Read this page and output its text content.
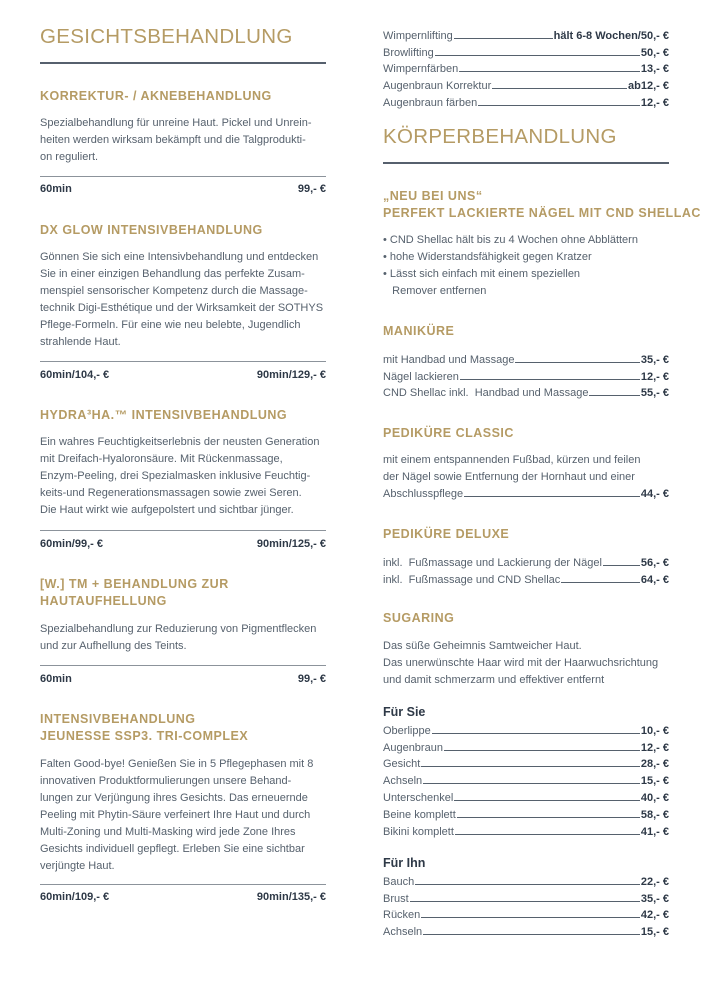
GESICHTSBEHANDLUNG
KORREKTUR- / AKNEBEHANDLUNG
Spezialbehandlung für unreine Haut. Pickel und Unrein-
heiten werden wirksam bekämpft und die Talgprodukti-
on reguliert.
60min	99,- €
DX GLOW INTENSIVBEHANDLUNG
Gönnen Sie sich eine Intensivbehandlung und entdecken
Sie in einer einzigen Behandlung das perfekte Zusam-
menspiel sensorischer Kompetenz durch die Massage-
technik Digi-Esthétique und der Wirksamkeit der SOTHYS
Pflege-Formeln. Für eine wie neu belebte, Jugendlich
strahlende Haut.
60min/104,- €	90min/129,- €
HYDRA³HA.™ INTENSIVBEHANDLUNG
Ein wahres Feuchtigkeitserlebnis der neusten Generation
mit Dreifach-Hyaloronsäure. Mit Rückenmassage,
Enzym-Peeling, drei Spezialmasken inklusive Feuchtig-
keits-und Regenerationsmassagen sowie zwei Seren.
Die Haut wirkt wie aufgepolstert und sichtbar jünger.
60min/99,- €	90min/125,- €
[W.] TM + BEHANDLUNG ZUR
HAUTAUFHELLUNG
Spezialbehandlung zur Reduzierung von Pigmentflecken
und zur Aufhellung des Teints.
60min	99,- €
INTENSIVBEHANDLUNG
JEUNESSE SSP3. TRI-COMPLEX
Falten Good-bye! Genießen Sie in 5 Pflegephasen mit 8
innovativen Produktformulierungen unsere Behand-
lungen zur Verjüngung ihres Gesichts. Das erneuernde
Peeling mit Phytin-Säure verfeinert Ihre Haut und durch
Multi-Zoning und Multi-Masking wird jede Zone Ihres
Gesichts individuell gepflegt. Erleben Sie eine sichtbar
verjüngte Haut.
60min/109,- €	90min/135,- €
Wimpernlifting	hält 6-8 Wochen/ 50,- €
Browlifting	50,- €
Wimpernfärben	13,- €
Augenbraun Korrektur	ab 12,- €
Augenbraun färben	12,- €
KÖRPERBEHANDLUNG
„NEU BEI UNS“
PERFEKT LACKIERTE NÄGEL MIT CND SHELLAC
• CND Shellac hält bis zu 4 Wochen ohne Abblättern
• hohe Widerstandsfähigkeit gegen Kratzer
• Lässt sich einfach mit einem speziellen
Remover entfernen
MANIKÜRE
mit Handbad und Massage	35,- €
Nägel lackieren	12,- €
CND Shellac inkl.  Handbad und Massage	55,- €
PEDIKÜRE CLASSIC
mit einem entspannenden Fußbad, kürzen und feilen
der Nägel sowie Entfernung der Hornhaut und einer
Abschlusspflege	44,- €
PEDIKÜRE DELUXE
inkl.  Fußmassage und Lackierung der Nägel	56,- €
inkl.  Fußmassage und CND Shellac	64,- €
SUGARING
Das süße Geheimnis Samtweicher Haut.
Das unerwünschte Haar wird mit der Haarwuchsrichtung
und damit schmerzarm und effektiver entfernt
Für Sie
Oberlippe	10,- €
Augenbraun	12,- €
Gesicht	28,- €
Achseln	15,- €
Unterschenkel	40,- €
Beine komplett	58,- €
Bikini komplett	41,- €
Für Ihn
Bauch	22,- €
Brust	35,- €
Rücken	42,- €
Achseln	15,- €
